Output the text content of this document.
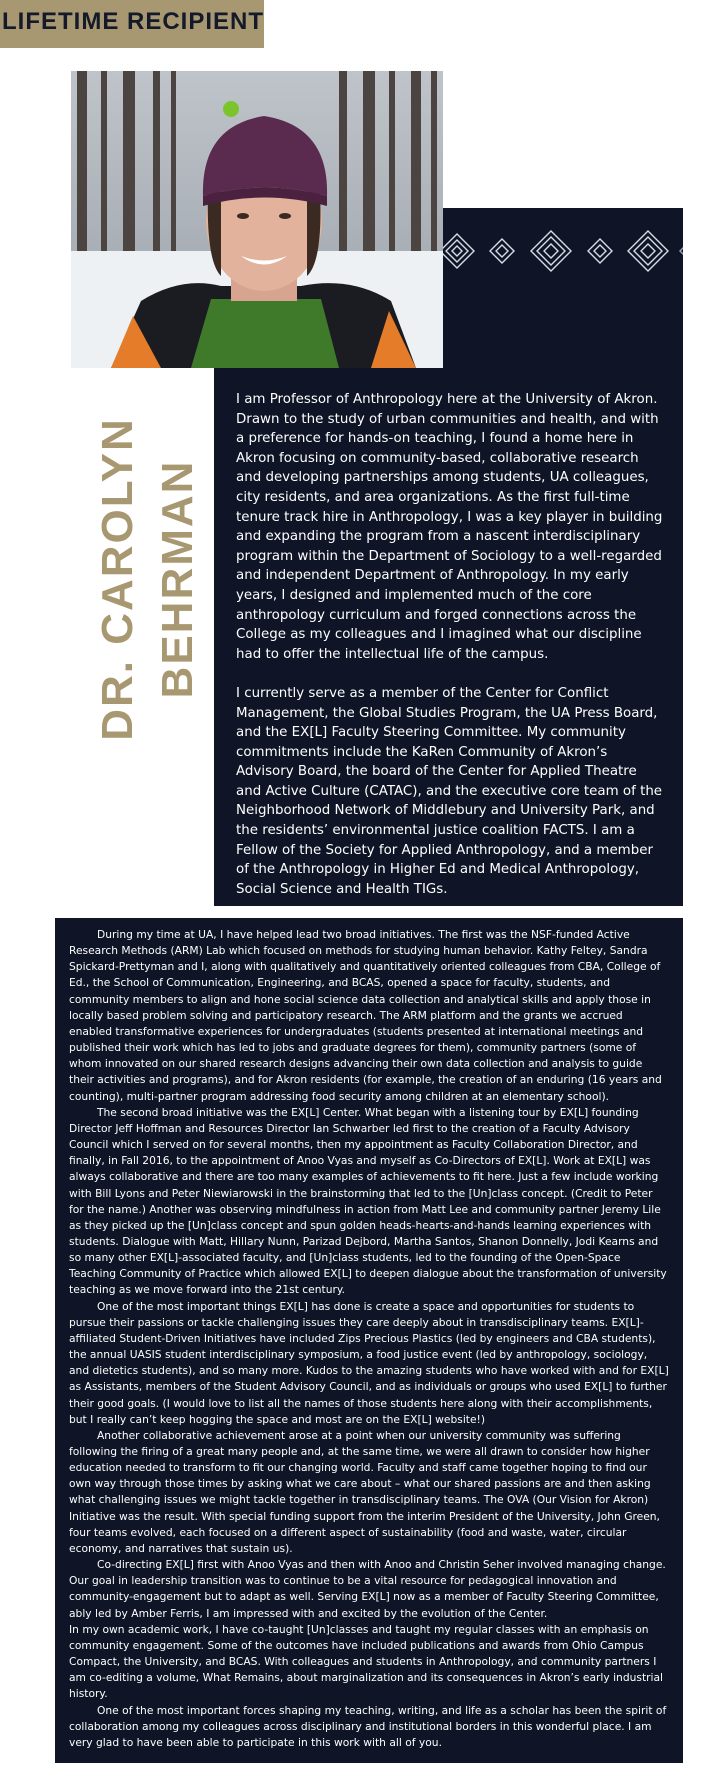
LIFETIME RECIPIENT
DR. CAROLYN BEHRMAN

I am Professor of Anthropology here at the University of Akron. Drawn to the study of urban communities and health, and with a preference for hands-on teaching, I found a home here in Akron focusing on community-based, collaborative research and developing partnerships among students, UA colleagues, city residents, and area organizations. As the first full-time tenure track hire in Anthropology, I was a key player in building and expanding the program from a nascent interdisciplinary program within the Department of Sociology to a well-regarded and independent Department of Anthropology. In my early years, I designed and implemented much of the core anthropology curriculum and forged connections across the College as my colleagues and I imagined what our discipline had to offer the intellectual life of the campus.

I currently serve as a member of the Center for Conflict Management, the Global Studies Program, the UA Press Board, and the EX[L] Faculty Steering Committee. My community commitments include the KaRen Community of Akron’s Advisory Board, the board of the Center for Applied Theatre and Active Culture (CATAC), and the executive core team of the Neighborhood Network of Middlebury and University Park, and the residents’ environmental justice coalition FACTS. I am a Fellow of the Society for Applied Anthropology, and a member of the Anthropology in Higher Ed and Medical Anthropology, Social Science and Health TIGs.

During my time at UA, I have helped lead two broad initiatives. The first was the NSF-funded Active Research Methods (ARM) Lab which focused on methods for studying human behavior. Kathy Feltey, Sandra Spickard-Prettyman and I, along with qualitatively and quantitatively oriented colleagues from CBA, College of Ed., the School of Communication, Engineering, and BCAS, opened a space for faculty, students, and community members to align and hone social science data collection and analytical skills and apply those in locally based problem solving and participatory research. The ARM platform and the grants we accrued enabled transformative experiences for undergraduates (students presented at international meetings and published their work which has led to jobs and graduate degrees for them), community partners (some of whom innovated on our shared research designs advancing their own data collection and analysis to guide their activities and programs), and for Akron residents (for example, the creation of an enduring (16 years and counting), multi-partner program addressing food security among children at an elementary school).

The second broad initiative was the EX[L] Center. What began with a listening tour by EX[L] founding Director Jeff Hoffman and Resources Director Ian Schwarber led first to the creation of a Faculty Advisory Council which I served on for several months, then my appointment as Faculty Collaboration Director, and finally, in Fall 2016, to the appointment of Anoo Vyas and myself as Co-Directors of EX[L]. Work at EX[L] was always collaborative and there are too many examples of achievements to fit here. Just a few include working with Bill Lyons and Peter Niewiarowski in the brainstorming that led to the [Un]class concept. (Credit to Peter for the name.) Another was observing mindfulness in action from Matt Lee and community partner Jeremy Lile as they picked up the [Un]class concept and spun golden heads-hearts-and-hands learning experiences with students. Dialogue with Matt, Hillary Nunn, Parizad Dejbord, Martha Santos, Shanon Donnelly, Jodi Kearns and so many other EX[L]-associated faculty, and [Un]class students, led to the founding of the Open-Space Teaching Community of Practice which allowed EX[L] to deepen dialogue about the transformation of university teaching as we move forward into the 21st century.

One of the most important things EX[L] has done is create a space and opportunities for students to pursue their passions or tackle challenging issues they care deeply about in transdisciplinary teams. EX[L]-affiliated Student-Driven Initiatives have included Zips Precious Plastics (led by engineers and CBA students), the annual UASIS student interdisciplinary symposium, a food justice event (led by anthropology, sociology, and dietetics students), and so many more. Kudos to the amazing students who have worked with and for EX[L] as Assistants, members of the Student Advisory Council, and as individuals or groups who used EX[L] to further their good goals. (I would love to list all the names of those students here along with their accomplishments, but I really can’t keep hogging the space and most are on the EX[L] website!)

Another collaborative achievement arose at a point when our university community was suffering following the firing of a great many people and, at the same time, we were all drawn to consider how higher education needed to transform to fit our changing world. Faculty and staff came together hoping to find our own way through those times by asking what we care about – what our shared passions are and then asking what challenging issues we might tackle together in transdisciplinary teams. The OVA (Our Vision for Akron) Initiative was the result. With special funding support from the interim President of the University, John Green, four teams evolved, each focused on a different aspect of sustainability (food and waste, water, circular economy, and narratives that sustain us).

Co-directing EX[L] first with Anoo Vyas and then with Anoo and Christin Seher involved managing change. Our goal in leadership transition was to continue to be a vital resource for pedagogical innovation and community-engagement but to adapt as well. Serving EX[L] now as a member of Faculty Steering Committee, ably led by Amber Ferris, I am impressed with and excited by the evolution of the Center.

In my own academic work, I have co-taught [Un]classes and taught my regular classes with an emphasis on community engagement. Some of the outcomes have included publications and awards from Ohio Campus Compact, the University, and BCAS. With colleagues and students in Anthropology, and community partners I am co-editing a volume, What Remains, about marginalization and its consequences in Akron’s early industrial history.

One of the most important forces shaping my teaching, writing, and life as a scholar has been the spirit of collaboration among my colleagues across disciplinary and institutional borders in this wonderful place. I am very glad to have been able to participate in this work with all of you.
